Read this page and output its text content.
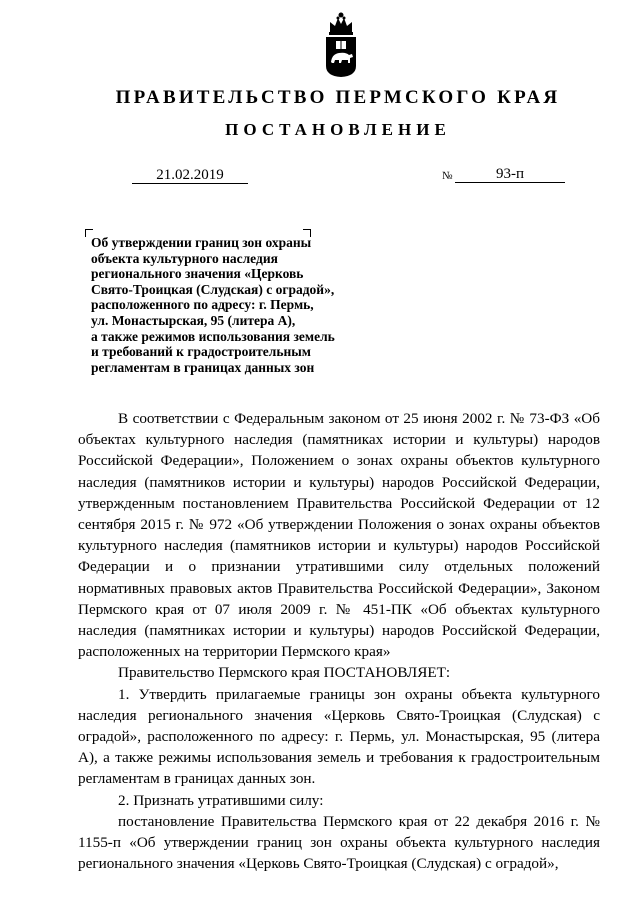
ПРАВИТЕЛЬСТВО ПЕРМСКОГО КРАЯ
ПОСТАНОВЛЕНИЕ
21.02.2019	№	93-п
Об утверждении границ зон охраны
объекта культурного наследия
регионального значения «Церковь
Свято-Троицкая (Слудская) с оградой»,
расположенного по адресу: г. Пермь,
ул. Монастырская, 95 (литера А),
а также режимов использования земель
и требований к градостроительным
регламентам в границах данных зон

В соответствии с Федеральным законом от 25 июня 2002 г. № 73-ФЗ «Об объектах культурного наследия (памятниках истории и культуры) народов Российской Федерации», Положением о зонах охраны объектов культурного наследия (памятников истории и культуры) народов Российской Федерации, утвержденным постановлением Правительства Российской Федерации от 12 сентября 2015 г. № 972 «Об утверждении Положения о зонах охраны объектов культурного наследия (памятников истории и культуры) народов Российской Федерации и о признании утратившими силу отдельных положений нормативных правовых актов Правительства Российской Федерации», Законом Пермского края от 07 июля 2009 г. № 451-ПК «Об объектах культурного наследия (памятниках истории и культуры) народов Российской Федерации, расположенных на территории Пермского края»

Правительство Пермского края ПОСТАНОВЛЯЕТ:

1. Утвердить прилагаемые границы зон охраны объекта культурного наследия регионального значения «Церковь Свято-Троицкая (Слудская) с оградой», расположенного по адресу: г. Пермь, ул. Монастырская, 95 (литера А), а также режимы использования земель и требования к градостроительным регламентам в границах данных зон.

2. Признать утратившими силу:

постановление Правительства Пермского края от 22 декабря 2016 г. № 1155-п «Об утверждении границ зон охраны объекта культурного наследия регионального значения «Церковь Свято-Троицкая (Слудская) с оградой»,
